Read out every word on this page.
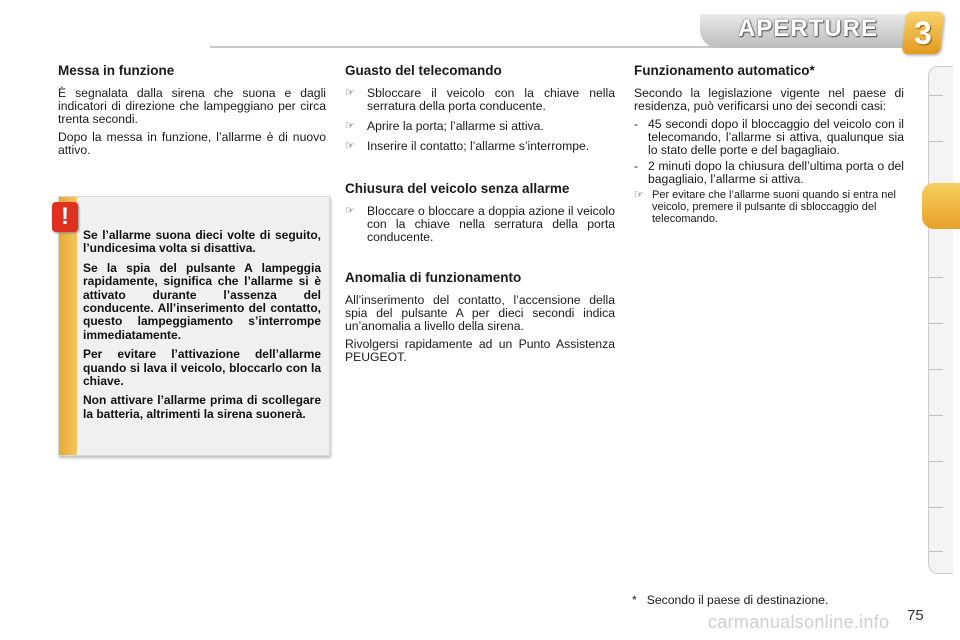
APERTURE	3
Messa in funzione

È segnalata dalla sirena che suona e dagli indicatori di direzione che lampeggiano per circa trenta secondi.

Dopo la messa in funzione, l’allarme è di nuovo attivo.

Se l’allarme suona dieci volte di seguito, l’undicesima volta si disattiva.

Se la spia del pulsante A lampeggia rapidamente, significa che l’allarme si è attivato durante l’assenza del conducente. All’inserimento del contatto, questo lampeggiamento s’interrompe immediatamente.

Per evitare l’attivazione dell’allarme quando si lava il veicolo, bloccarlo con la chiave.

Non attivare l’allarme prima di scollegare la batteria, altrimenti la sirena suonerà.

!
Guasto del telecomando
☞ Sbloccare il veicolo con la chiave nella serratura della porta conducente.
☞ Aprire la porta; l’allarme si attiva.
☞ Inserire il contatto; l’allarme s’interrompe.
Chiusura del veicolo senza allarme
☞ Bloccare o bloccare a doppia azione il veicolo con la chiave nella serratura della porta conducente.
Anomalia di funzionamento

All’inserimento del contatto, l’accensione della spia del pulsante A per dieci secondi indica un’anomalia a livello della sirena.

Rivolgersi rapidamente ad un Punto Assistenza PEUGEOT.

Funzionamento automatico*

Secondo la legislazione vigente nel paese di residenza, può verificarsi uno dei secondi casi:

- 45 secondi dopo il bloccaggio del veicolo con il telecomando, l’allarme si attiva, qualunque sia lo stato delle porte e del bagagliaio.
- 2 minuti dopo la chiusura dell’ultima porta o del bagagliaio, l’allarme si attiva.
☞ Per evitare che l’allarme suoni quando si entra nel veicolo, premere il pulsante di sbloccaggio del telecomando.
* Secondo il paese di destinazione.
carmanualsonline.info 75
